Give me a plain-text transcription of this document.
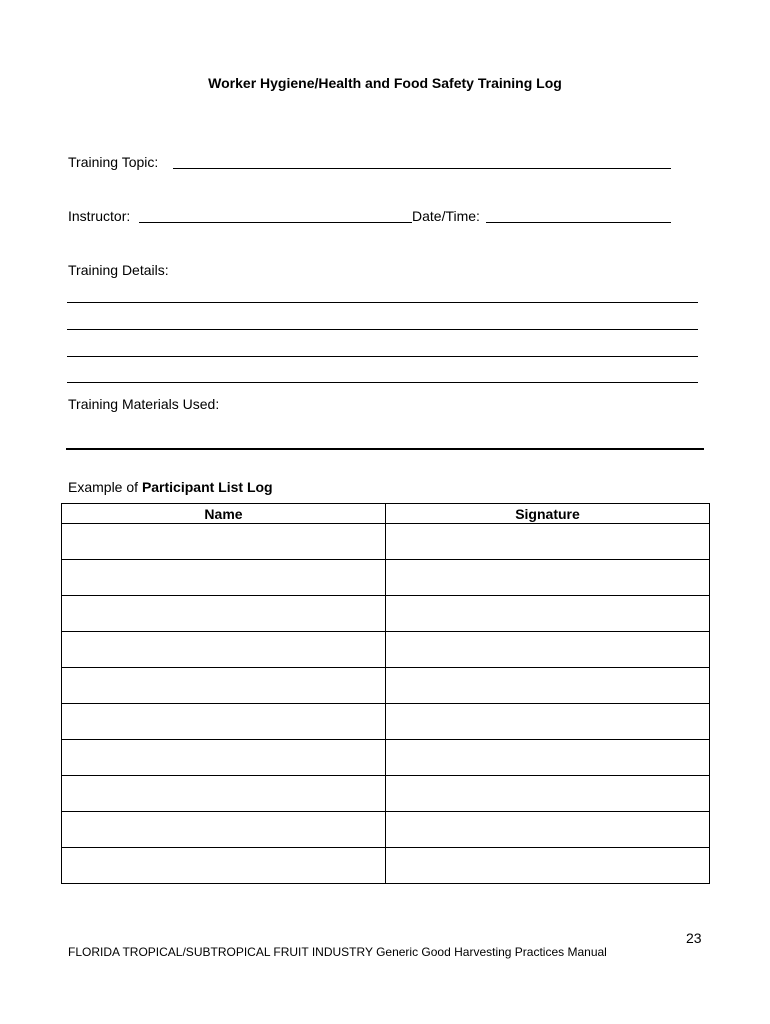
Worker Hygiene/Health and Food Safety Training Log
Training Topic:
Instructor:	Date/Time:
Training Details:
Training Materials Used:
Example of Participant List Log
Name	Signature

23
FLORIDA TROPICAL/SUBTROPICAL FRUIT INDUSTRY Generic Good Harvesting Practices Manual
